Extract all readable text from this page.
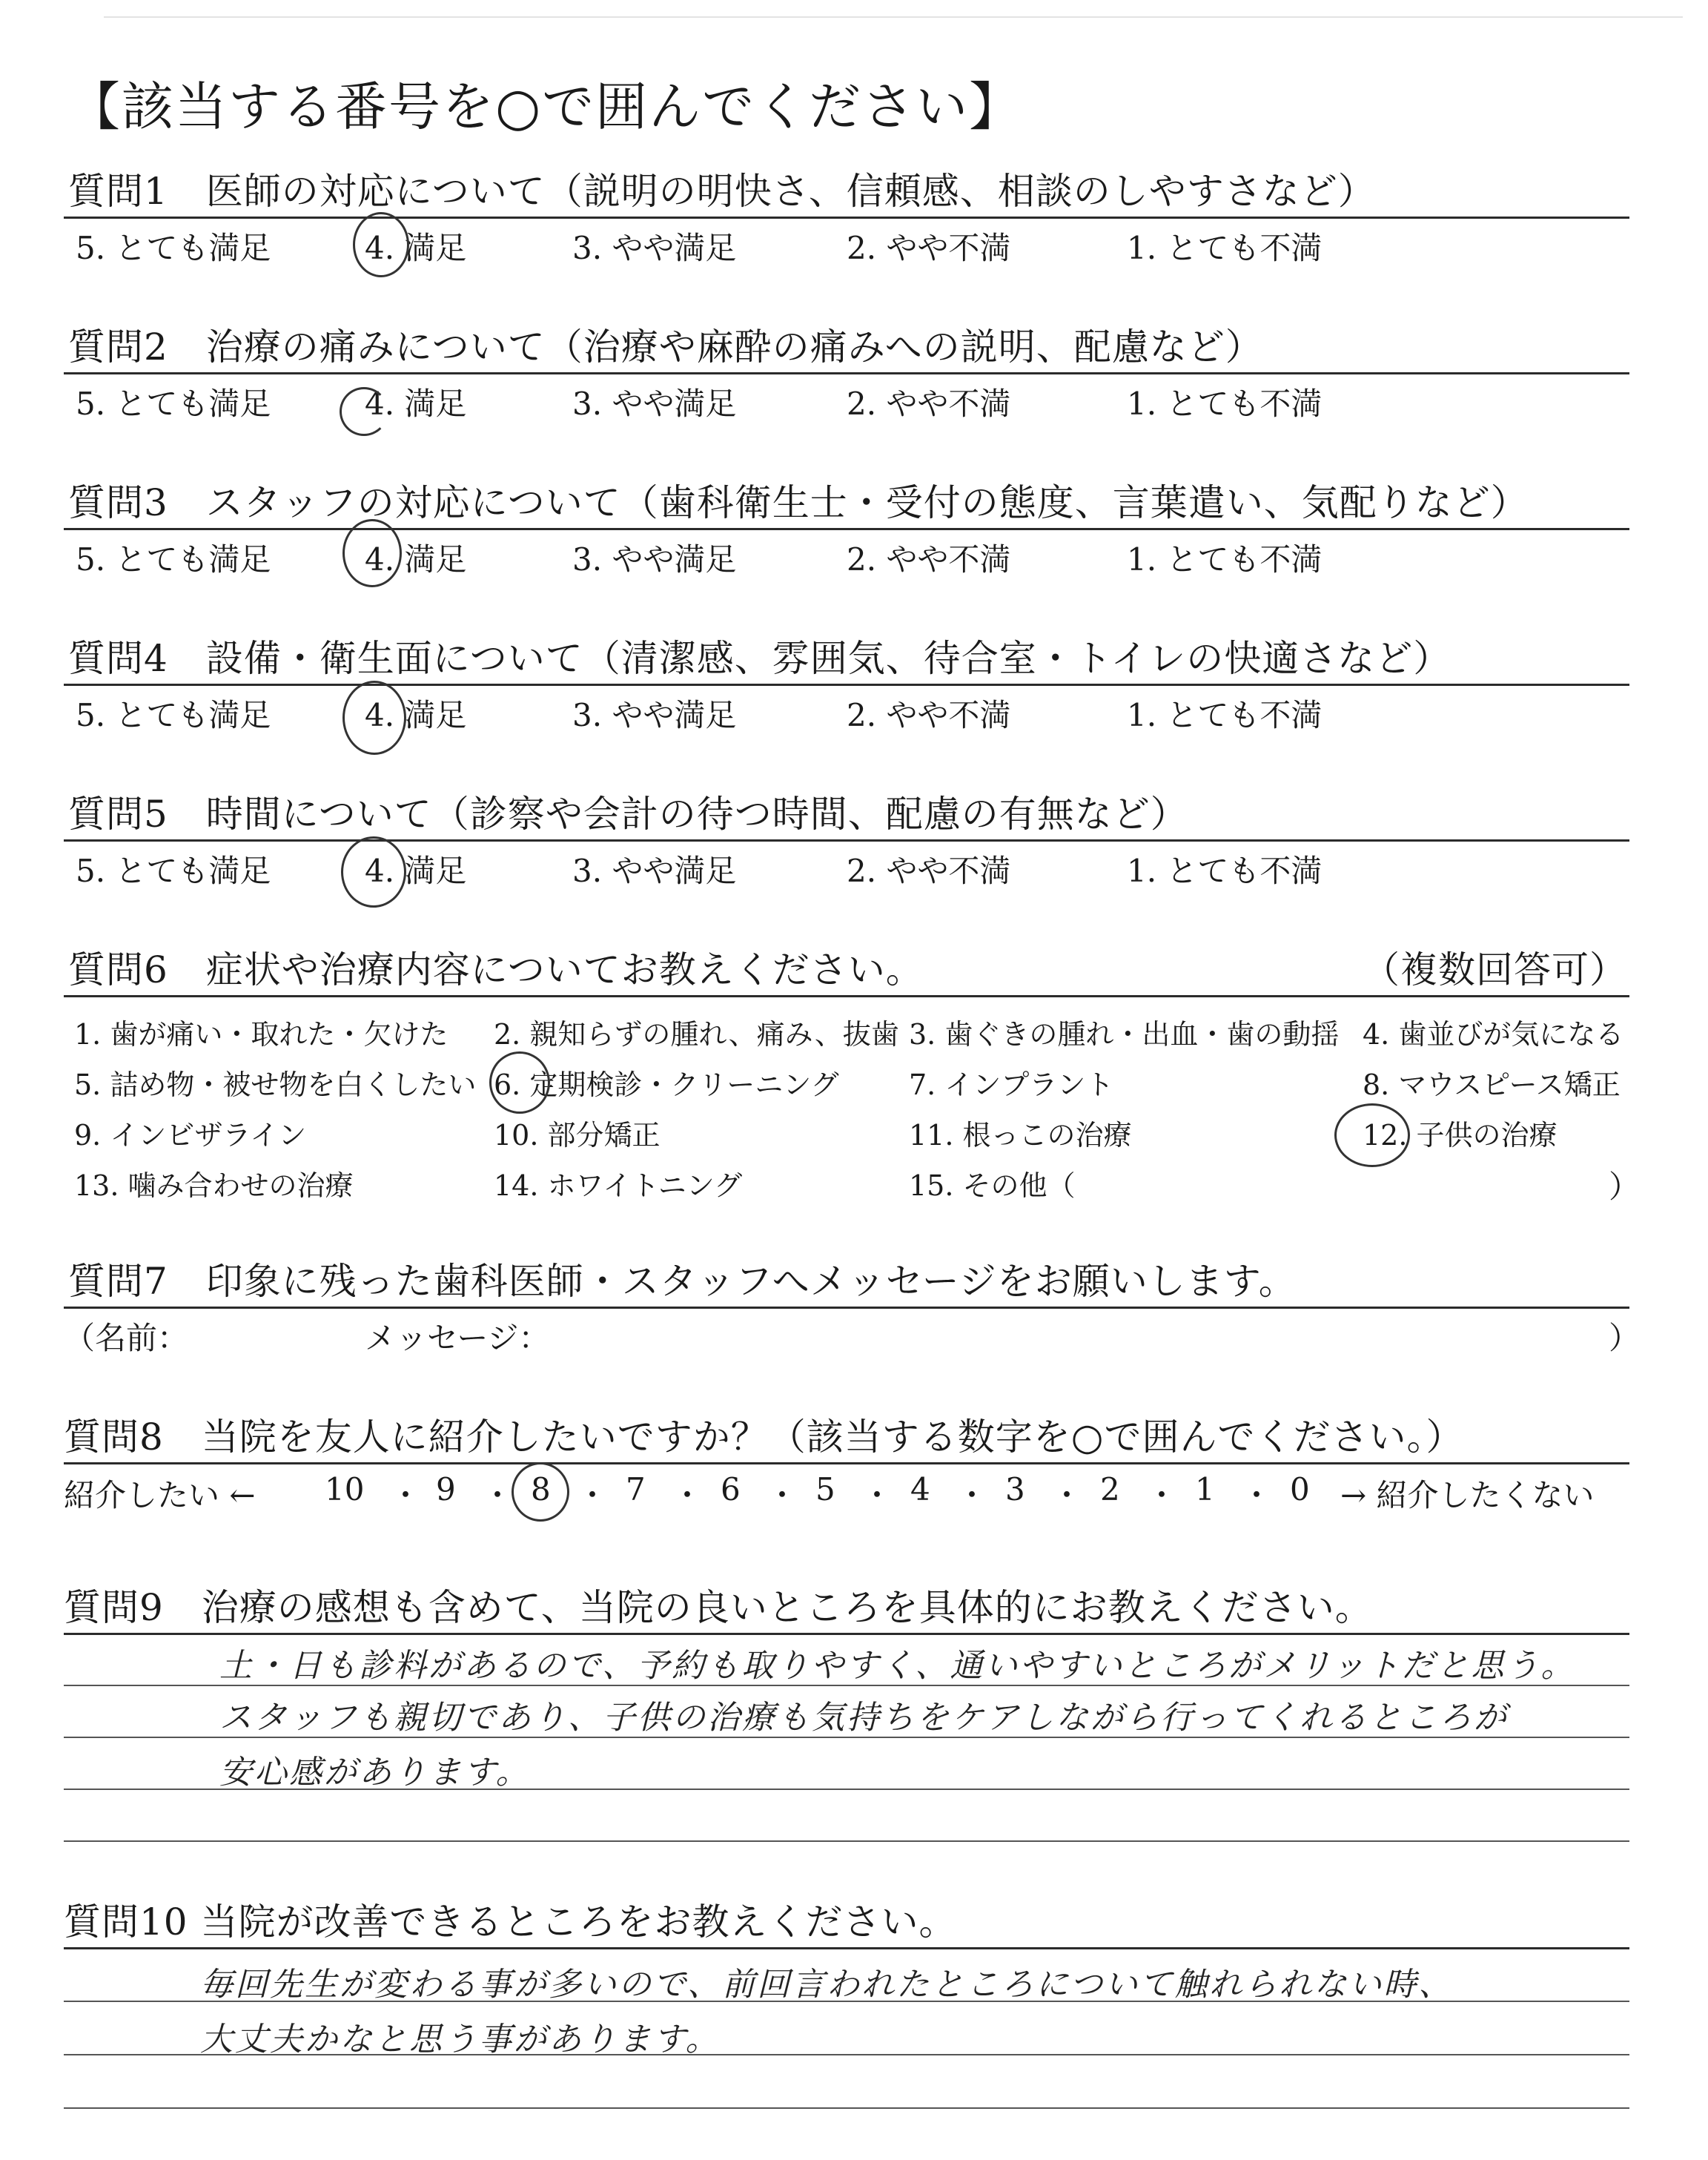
【該当する番号を○で囲んでください】
質問1　医師の対応について（説明の明快さ、信頼感、相談のしやすさなど）
5. とても満足	4. 満足	3. やや満足	2. やや不満	1. とても不満
質問2　治療の痛みについて（治療や麻酔の痛みへの説明、配慮など）
5. とても満足	4. 満足	3. やや満足	2. やや不満	1. とても不満
質問3　スタッフの対応について（歯科衛生士・受付の態度、言葉遣い、気配りなど）
5. とても満足	4. 満足	3. やや満足	2. やや不満	1. とても不満
質問4　設備・衛生面について（清潔感、雰囲気、待合室・トイレの快適さなど）
5. とても満足	4. 満足	3. やや満足	2. やや不満	1. とても不満
質問5　時間について（診察や会計の待つ時間、配慮の有無など）
5. とても満足	4. 満足	3. やや満足	2. やや不満	1. とても不満
質問6　症状や治療内容についてお教えください。	（複数回答可）
1. 歯が痛い・取れた・欠けた 2. 親知らずの腫れ、痛み、抜歯 3. 歯ぐきの腫れ・出血・歯の動揺 4. 歯並びが気になる
5. 詰め物・被せ物を白くしたい 6. 定期検診・クリーニング 7. インプラント	8. マウスピース矯正
9. インビザライン	10. 部分矯正	11. 根っこの治療	12. 子供の治療
13. 噛み合わせの治療	14. ホワイトニング	15. その他（	）
質問7　印象に残った歯科医師・スタッフへメッセージをお願いします。
（名前：	メッセージ：	）
質問8　当院を友人に紹介したいですか？（該当する数字を○で囲んでください。）
紹介したい ← 10 ・ 9 ・ 8 ・ 7 ・ 6 ・ 5 ・ 4 ・ 3 ・ 2 ・ 1 ・ 0 → 紹介したくない
質問9　治療の感想も含めて、当院の良いところを具体的にお教えください。
土・日も診料があるので、予約も取りやすく、通いやすいところがメリットだと思う。
スタッフも親切であり、子供の治療も気持ちをケアしながら行ってくれるところが
安心感があります。
質問10 当院が改善できるところをお教えください。
毎回先生が変わる事が多いので、前回言われたところについて触れられない時、
大丈夫かなと思う事があります。
